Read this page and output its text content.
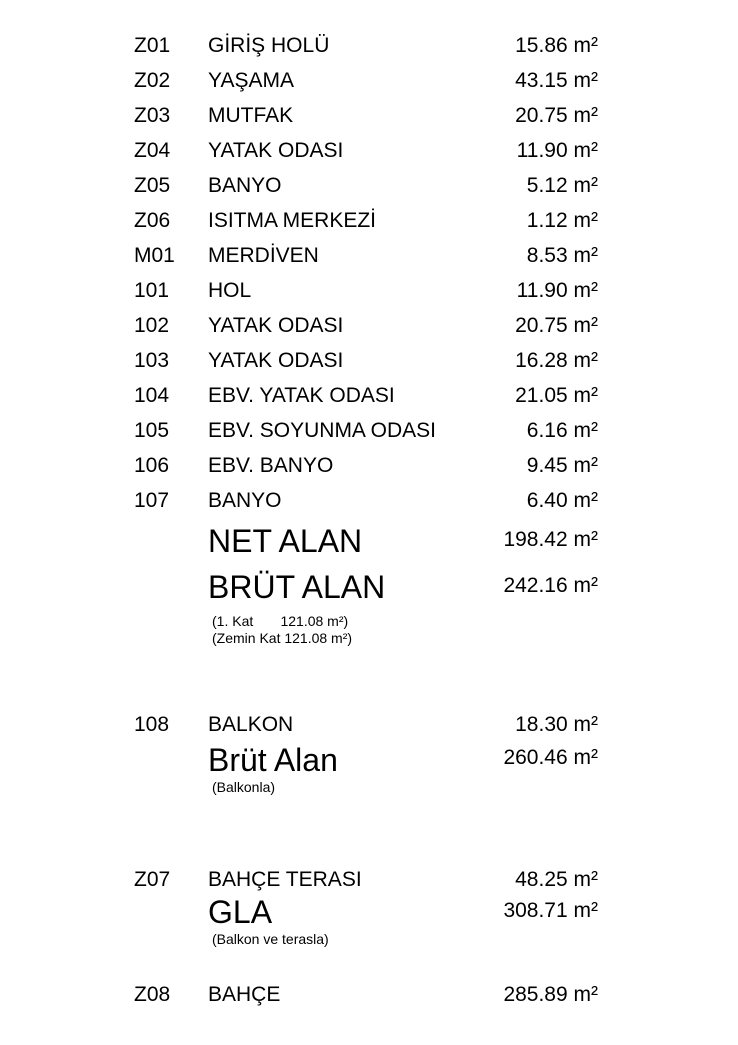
Z01 GİRİŞ HOLÜ	15.86 m²
Z02 YAŞAMA	43.15 m²
Z03 MUTFAK	20.75 m²
Z04 YATAK ODASI	11.90 m²
Z05 BANYO	5.12 m²
Z06 ISITMA MERKEZİ	1.12 m²
M01 MERDİVEN	8.53 m²
101 HOL	11.90 m²
102 YATAK ODASI	20.75 m²
103 YATAK ODASI	16.28 m²
104 EBV. YATAK ODASI	21.05 m²
105 EBV. SOYUNMA ODASI	6.16 m²
106 EBV. BANYO	9.45 m²
107 BANYO	6.40 m²
NET ALAN	198.42 m²
BRÜT ALAN	242.16 m²
(1. Kat       121.08 m²)
(Zemin Kat 121.08 m²)
108 BALKON	18.30 m²
Brüt Alan	260.46 m²
(Balkonla)
Z07 BAHÇE TERASI	48.25 m²
GLA	308.71 m²
(Balkon ve terasla)
Z08 BAHÇE	285.89 m²
